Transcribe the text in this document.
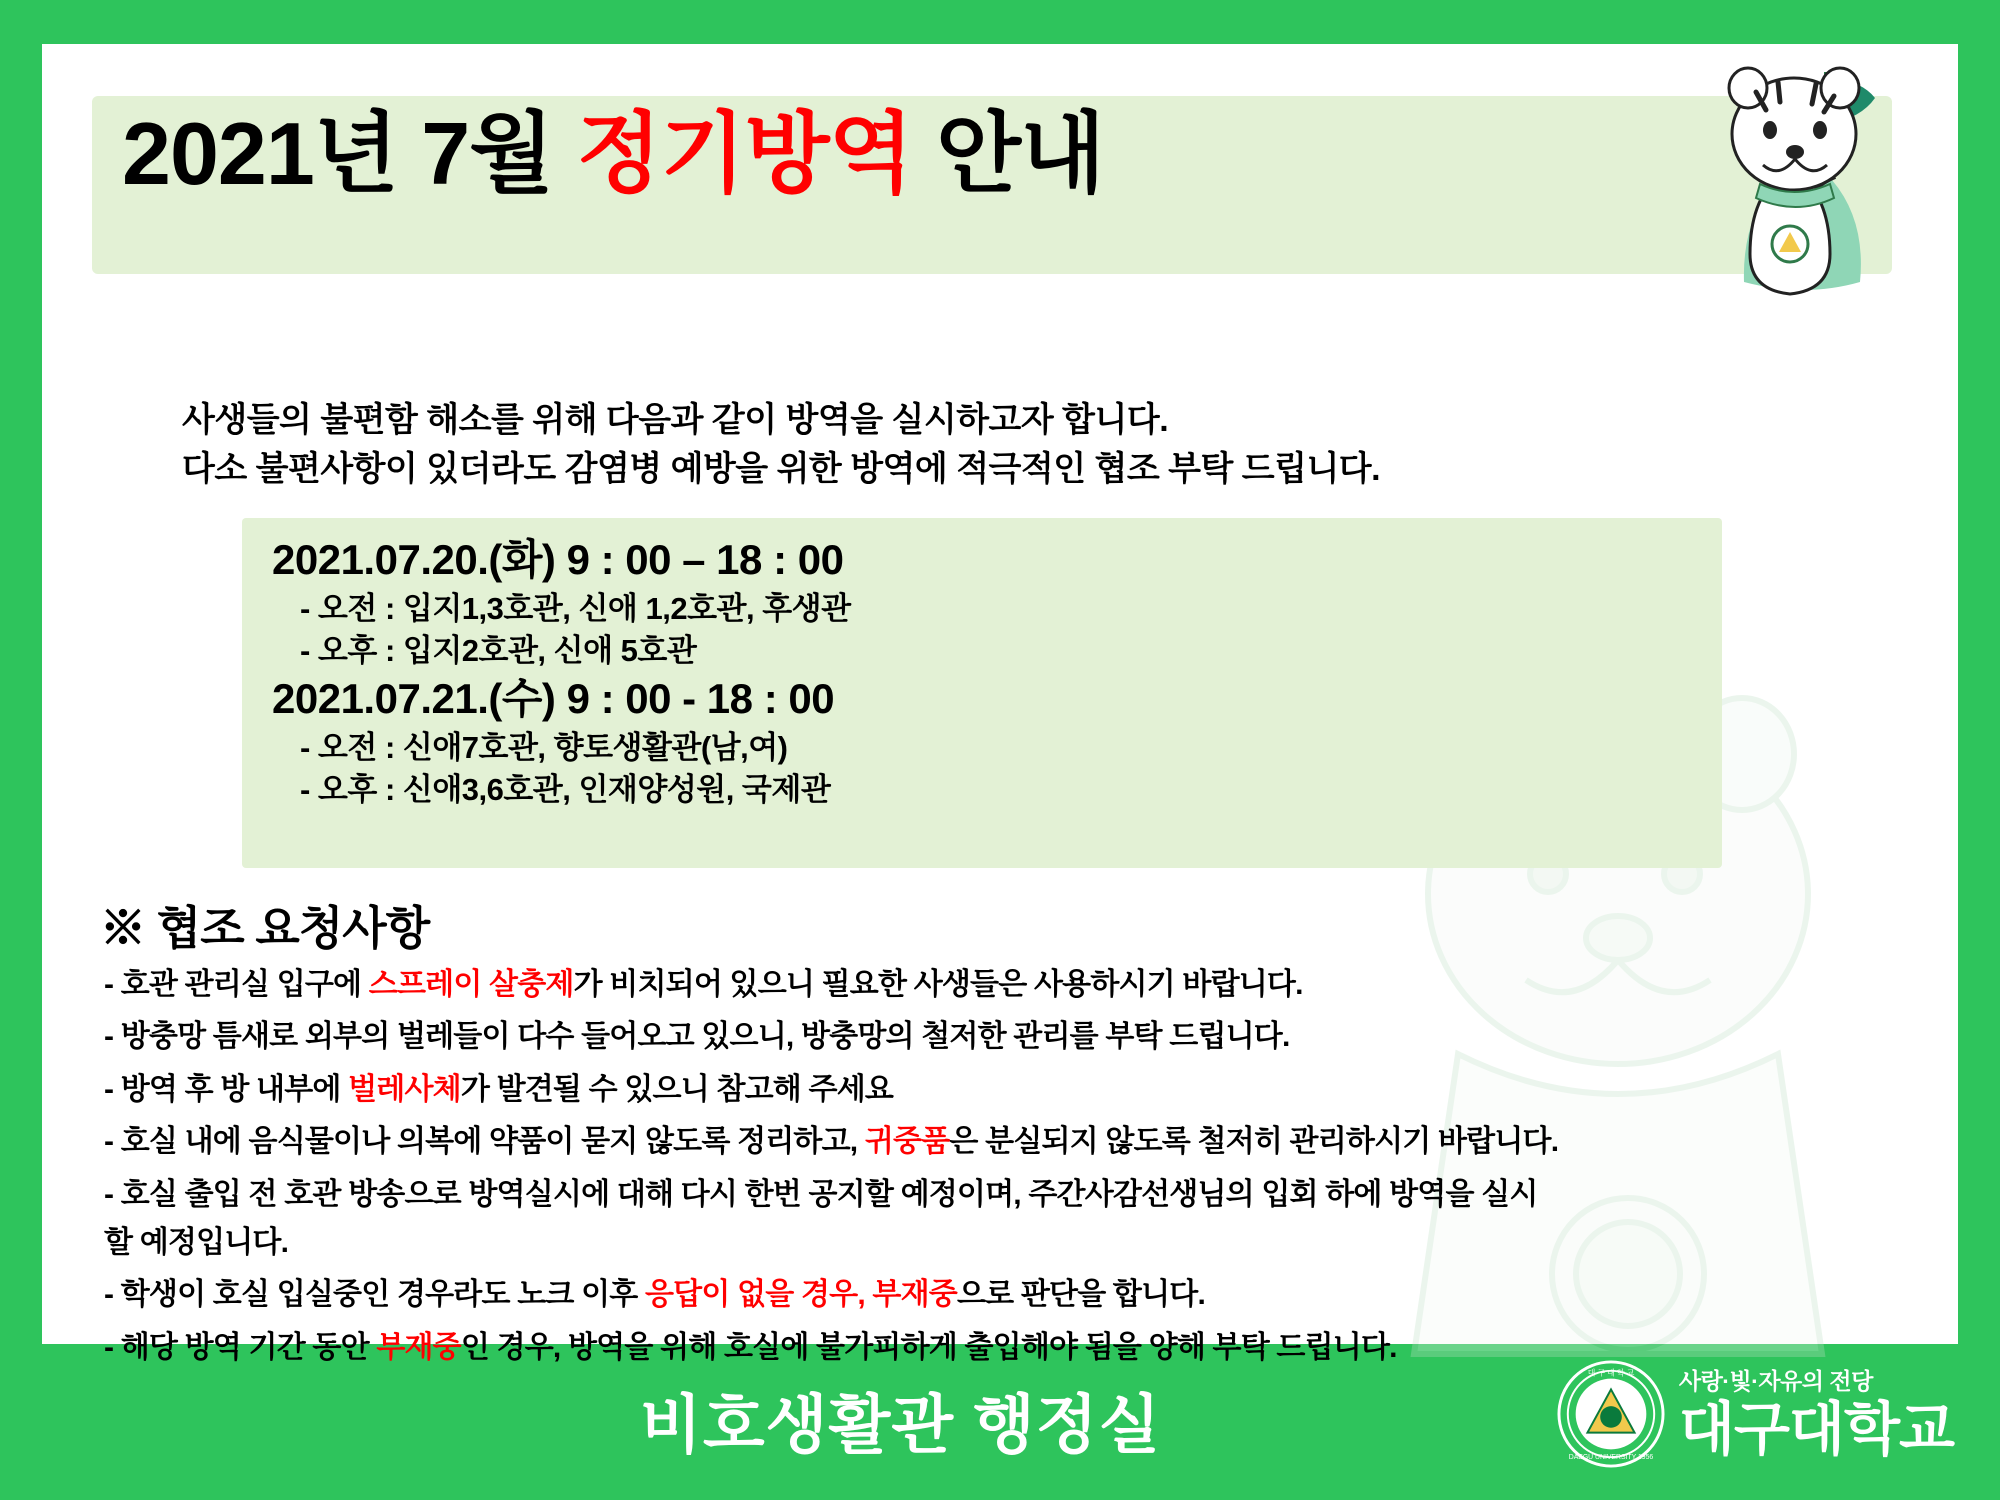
2021년 7월 정기방역 안내
사생들의 불편함 해소를 위해 다음과 같이 방역을 실시하고자 합니다.
다소 불편사항이 있더라도 감염병 예방을 위한 방역에 적극적인 협조 부탁 드립니다.
2021.07.20.(화) 9 : 00 – 18 : 00
- 오전 : 입지1,3호관, 신애 1,2호관, 후생관
- 오후 : 입지2호관, 신애 5호관
2021.07.21.(수) 9 : 00 - 18 : 00
- 오전 : 신애7호관, 향토생활관(남,여)
- 오후 : 신애3,6호관, 인재양성원, 국제관
※ 협조 요청사항
- 호관 관리실 입구에 스프레이 살충제가 비치되어 있으니 필요한 사생들은 사용하시기 바랍니다.
- 방충망 틈새로 외부의 벌레들이 다수 들어오고 있으니, 방충망의 철저한 관리를 부탁 드립니다.
- 방역 후 방 내부에 벌레사체가 발견될 수 있으니 참고해 주세요
- 호실 내에 음식물이나 의복에 약품이 묻지 않도록 정리하고, 귀중품은 분실되지 않도록 철저히 관리하시기 바랍니다.
- 호실 출입 전 호관 방송으로 방역실시에 대해 다시 한번 공지할 예정이며, 주간사감선생님의 입회 하에 방역을 실시
할 예정입니다.
- 학생이 호실 입실중인 경우라도 노크 이후 응답이 없을 경우, 부재중으로 판단을 합니다.
- 해당 방역 기간 동안 부재중인 경우, 방역을 위해 호실에 불가피하게 출입해야 됨을 양해 부탁 드립니다.
비호생활관 행정실
대 구 대 학 교
DAEGU UNIVERSITY 1956
사랑·빛·자유의 전당
대구대학교
